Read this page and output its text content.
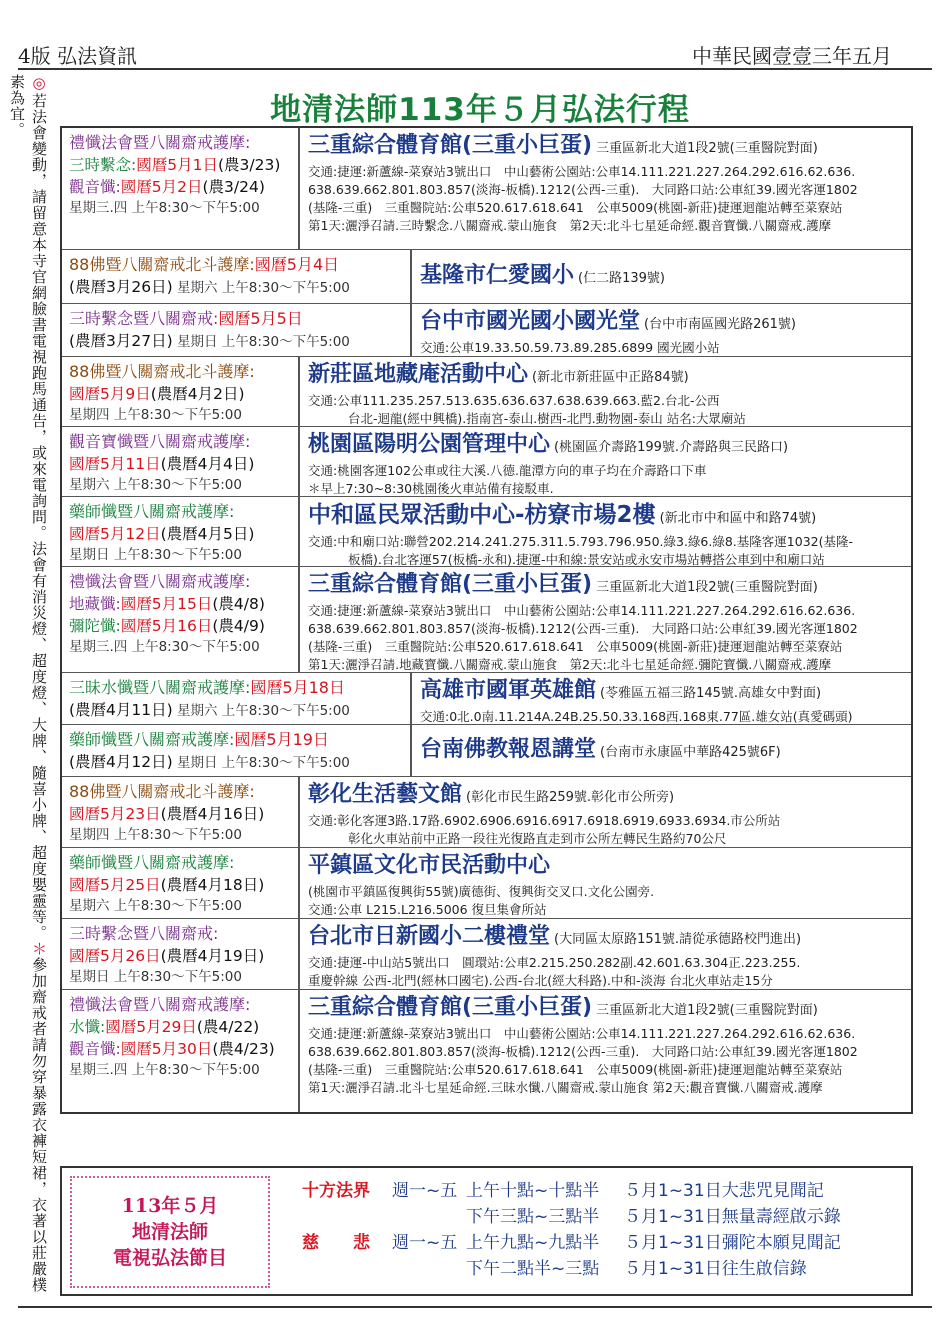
4版 弘法資訊	中華民國壹壹三年五月
◎若法會變動，請留意本寺官網臉書電視跑馬通告，或來電詢問。法會有消災燈、超度燈、大牌、隨喜小牌、超度嬰靈等。＊參加齋戒者請勿穿暴露衣褲短裙，衣著以莊嚴樸素為宜。	地清法師113年５月弘法行程
禮懺法會暨八關齋戒護摩:
三時繫念:國曆5月1日(農3/23)
觀音懺:國曆5月2日(農3/24)
星期三.四 上午8:30～下午5:00
三重綜合體育館(三重小巨蛋) 三重區新北大道1段2號(三重醫院對面)
交通:捷運:新蘆線-菜寮站3號出口　中山藝術公園站:公車14.111.221.227.264.292.616.62.636.
638.639.662.801.803.857(淡海-板橋).1212(公西-三重).　大同路口站:公車紅39.國光客運1802
(基隆-三重)　三重醫院站:公車520.617.618.641　公車5009(桃園-新莊)捷運迴龍站轉至菜寮站
第1天:灑淨召請.三時繫念.八關齋戒.蒙山施食　第2天:北斗七星延命經.觀音寶懺.八關齋戒.護摩
88佛暨八關齋戒北斗護摩:國曆5月4日
(農曆3月26日) 星期六 上午8:30～下午5:00	基隆市仁愛國小 (仁二路139號)
三時繫念暨八關齋戒:國曆5月5日
(農曆3月27日) 星期日 上午8:30～下午5:00
台中市國光國小國光堂 (台中市南區國光路261號)
交通:公車19.33.50.59.73.89.285.6899 國光國小站
88佛暨八關齋戒北斗護摩:
國曆5月9日(農曆4月2日)
星期四 上午8:30～下午5:00
新莊區地藏庵活動中心 (新北市新莊區中正路84號)
交通:公車111.235.257.513.635.636.637.638.639.663.藍2.台北-公西
台北-迴龍(經中興橋).指南宮-泰山.樹西-北門.動物園-泰山 站名:大眾廟站
觀音寶懺暨八關齋戒護摩:
國曆5月11日(農曆4月4日)
星期六 上午8:30～下午5:00
桃園區陽明公園管理中心 (桃園區介壽路199號.介壽路與三民路口)
交通:桃園客運102公車或往大溪.八德.龍潭方向的車子均在介壽路口下車
＊早上7:30~8:30桃園後火車站備有接駁車.
藥師懺暨八關齋戒護摩:
國曆5月12日(農曆4月5日)
星期日 上午8:30～下午5:00
中和區民眾活動中心-枋寮市場2樓 (新北市中和區中和路74號)
交通:中和廟口站:聯營202.214.241.275.311.5.793.796.950.綠3.綠6.綠8.基隆客運1032(基隆-
板橋).台北客運57(板橋-永和).捷運-中和線:景安站或永安市場站轉搭公車到中和廟口站
禮懺法會暨八關齋戒護摩:
地藏懺:國曆5月15日(農4/8)
彌陀懺:國曆5月16日(農4/9)
星期三.四 上午8:30～下午5:00
三重綜合體育館(三重小巨蛋) 三重區新北大道1段2號(三重醫院對面)
交通:捷運:新蘆線-菜寮站3號出口　中山藝術公園站:公車14.111.221.227.264.292.616.62.636.
638.639.662.801.803.857(淡海-板橋).1212(公西-三重).　大同路口站:公車紅39.國光客運1802
(基隆-三重)　三重醫院站:公車520.617.618.641　公車5009(桃園-新莊)捷運迴龍站轉至菜寮站
第1天:灑淨召請.地藏寶懺.八關齋戒.蒙山施食　第2天:北斗七星延命經.彌陀寶懺.八關齋戒.護摩
三昧水懺暨八關齋戒護摩:國曆5月18日
(農曆4月11日) 星期六 上午8:30～下午5:00
高雄市國軍英雄館 (苓雅區五福三路145號.高雄女中對面)
交通:0北.0南.11.214A.24B.25.50.33.168西.168東.77區.雄女站(真愛碼頭)
藥師懺暨八關齋戒護摩:國曆5月19日
(農曆4月12日) 星期日 上午8:30～下午5:00
台南佛教報恩講堂 (台南市永康區中華路425號6F)
88佛暨八關齋戒北斗護摩:
國曆5月23日(農曆4月16日)
星期四 上午8:30～下午5:00
彰化生活藝文館 (彰化市民生路259號.彰化市公所旁)
交通:彰化客運3路.17路.6902.6906.6916.6917.6918.6919.6933.6934.市公所站
彰化火車站前中正路一段往光復路直走到市公所左轉民生路約70公尺
藥師懺暨八關齋戒護摩:
國曆5月25日(農曆4月18日)
星期六 上午8:30～下午5:00
平鎮區文化市民活動中心
(桃園市平鎮區復興街55號)廣德街、復興街交叉口.文化公園旁.
交通:公車 L215.L216.5006 復旦集會所站
三時繫念暨八關齋戒:
國曆5月26日(農曆4月19日)
星期日 上午8:30～下午5:00
台北市日新國小二樓禮堂 (大同區太原路151號.請從承德路校門進出)
交通:捷運-中山站5號出口　圓環站:公車2.215.250.282副.42.601.63.304正.223.255.
重慶幹線 公西-北門(經林口國宅).公西-台北(經大科路).中和-淡海 台北火車站走15分
禮懺法會暨八關齋戒護摩:
水懺:國曆5月29日(農4/22)
觀音懺:國曆5月30日(農4/23)
星期三.四 上午8:30～下午5:00
三重綜合體育館(三重小巨蛋) 三重區新北大道1段2號(三重醫院對面)
交通:捷運:新蘆線-菜寮站3號出口　中山藝術公園站:公車14.111.221.227.264.292.616.62.636.
638.639.662.801.803.857(淡海-板橋).1212(公西-三重).　大同路口站:公車紅39.國光客運1802
(基隆-三重)　三重醫院站:公車520.617.618.641　公車5009(桃園-新莊)捷運迴龍站轉至菜寮站
第1天:灑淨召請.北斗七星延命經.三昧水懺.八關齋戒.蒙山施食 第2天:觀音寶懺.八關齋戒.護摩
113年５月
地清法師
電視弘法節目
十方法界	週一~五 上午十點~十點半	５月1~31日大悲咒見聞記
下午三點~三點半	５月1~31日無量壽經啟示錄
慈　　悲	週一~五 上午九點~九點半	５月1~31日彌陀本願見聞記
下午二點半~三點	５月1~31日往生啟信錄
